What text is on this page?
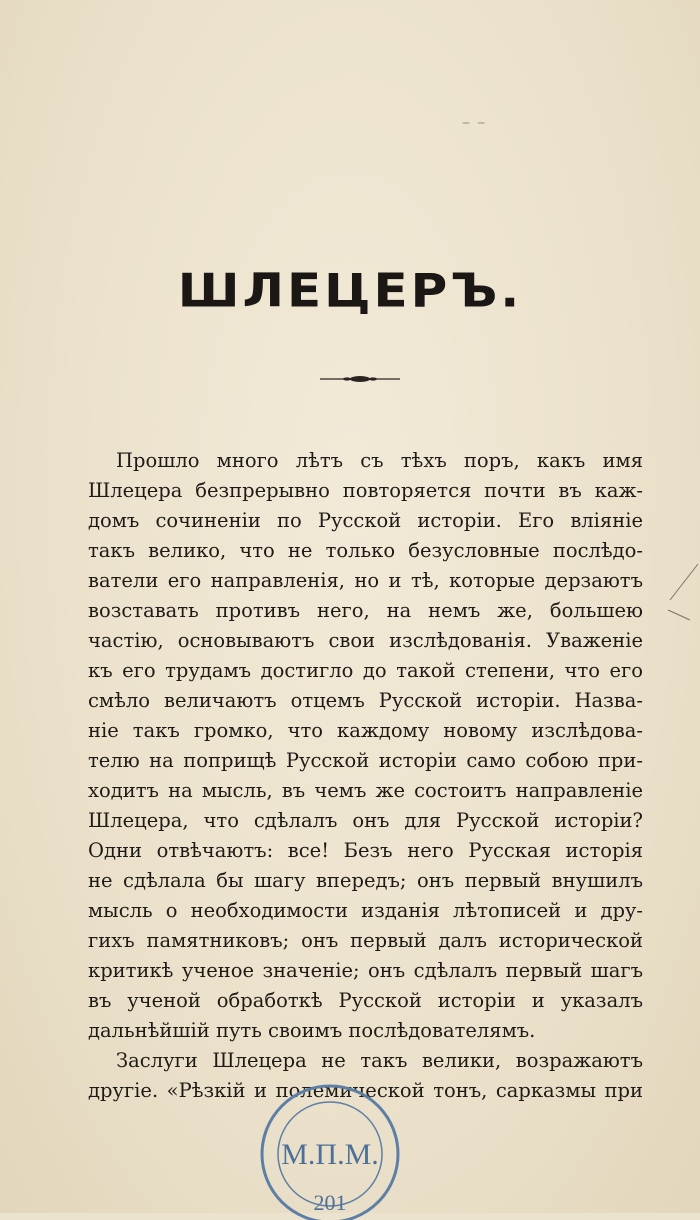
– –
ШЛЕЦЕРЪ.
Прошло много лѣтъ съ тѣхъ поръ, какъ имя
Шлецера безпрерывно повторяется почти въ каж-
домъ сочиненіи по Русской исторіи. Его вліяніе
такъ велико, что не только безусловные послѣдо-
ватели его направленія, но и тѣ, которые дерзаютъ
возставать противъ него, на немъ же, большею
частію, основываютъ свои изслѣдованія. Уваженіе
къ его трудамъ достигло до такой степени, что его
смѣло величаютъ отцемъ Русской исторіи. Назва-
ніе такъ громко, что каждому новому изслѣдова-
телю на поприщѣ Русской исторіи само собою при-
ходитъ на мысль, въ чемъ же состоитъ направленіе
Шлецера, что сдѣлалъ онъ для Русской исторіи?
Одни отвѣчаютъ: все! Безъ него Русская исторія
не сдѣлала бы шагу впередъ; онъ первый внушилъ
мысль о необходимости изданія лѣтописей и дру-
гихъ памятниковъ; онъ первый далъ исторической
критикѣ ученое значеніе; онъ сдѣлалъ первый шагъ
въ ученой обработкѣ Русской исторіи и указалъ
дальнѣйшій путь своимъ послѣдователямъ.
Заслуги Шлецера не такъ велики, возражаютъ
другіе. «Рѣзкій и полемической тонъ, сарказмы при
М.П.М.
201
